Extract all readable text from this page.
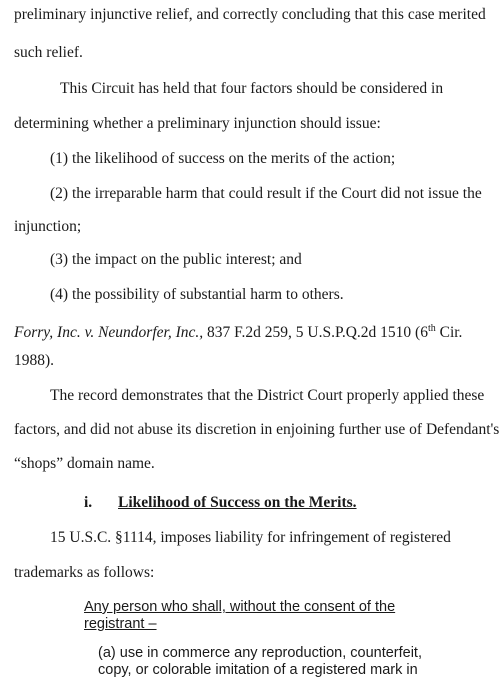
preliminary injunctive relief, and correctly concluding that this case merited
such relief.
This Circuit has held that four factors should be considered in
determining whether a preliminary injunction should issue:
(1) the likelihood of success on the merits of the action;
(2) the irreparable harm that could result if the Court did not issue the
injunction;
(3) the impact on the public interest; and
(4) the possibility of substantial harm to others.
Forry, Inc. v. Neundorfer, Inc., 837 F.2d 259, 5 U.S.P.Q.2d 1510 (6th Cir.
1988).
The record demonstrates that the District Court properly applied these
factors, and did not abuse its discretion in enjoining further use of Defendant's
“shops” domain name.
i. Likelihood of Success on the Merits.
15 U.S.C. §1114, imposes liability for infringement of registered
trademarks as follows:
Any person who shall, without the consent of the
registrant –
(a) use in commerce any reproduction, counterfeit,
copy, or colorable imitation of a registered mark in
